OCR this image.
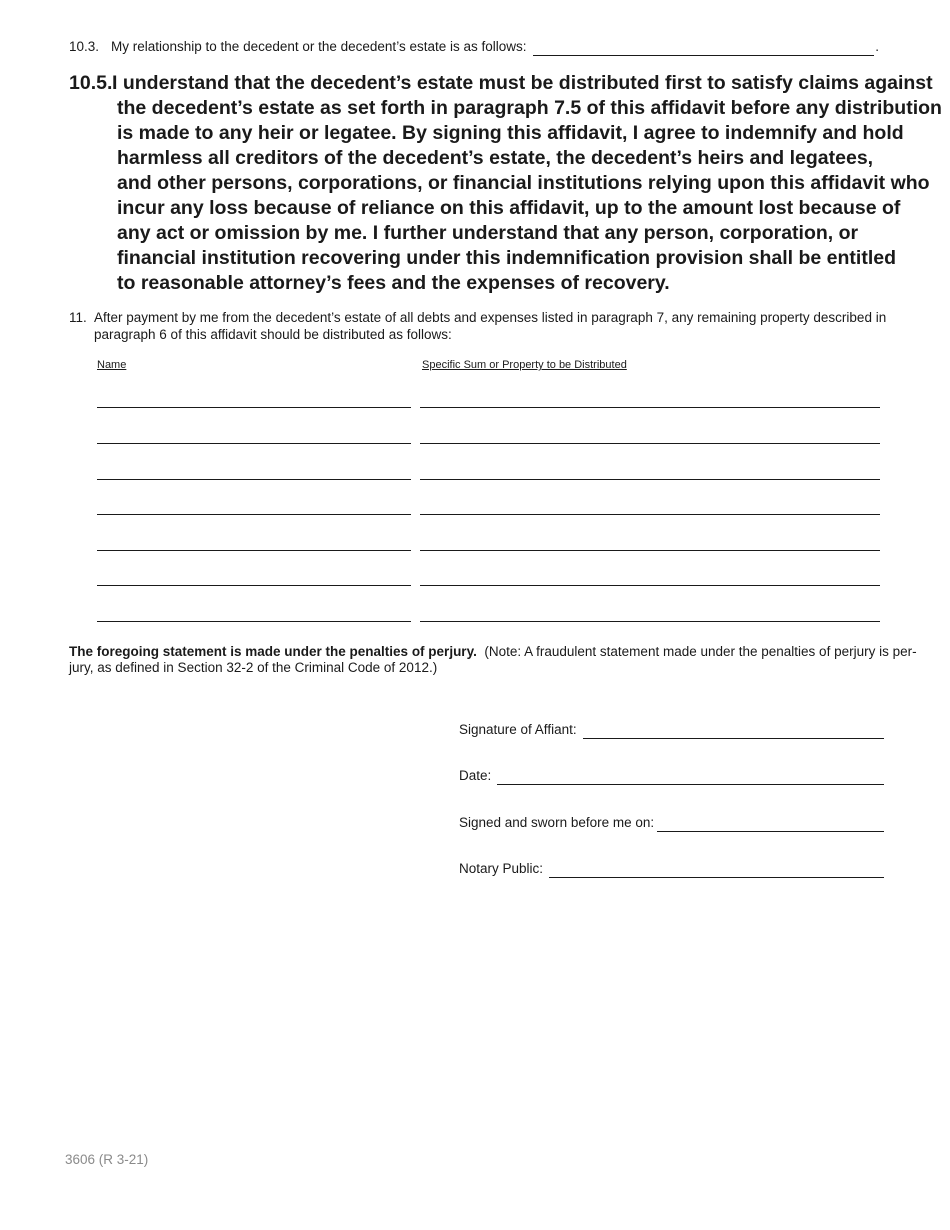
10.3. My relationship to the decedent or the decedent’s estate is as follows:	.
10.5. I understand that the decedent’s estate must be distributed first to satisfy claims against
the decedent’s estate as set forth in paragraph 7.5 of this affidavit before any distribution
is made to any heir or legatee. By signing this affidavit, I agree to indemnify and hold
harmless all creditors of the decedent’s estate, the decedent’s heirs and legatees,
and other persons, corporations, or financial institutions relying upon this affidavit who
incur any loss because of reliance on this affidavit, up to the amount lost because of
any act or omission by me. I further understand that any person, corporation, or
financial institution recovering under this indemnification provision shall be entitled
to reasonable attorney’s fees and the expenses of recovery.
11. After payment by me from the decedent’s estate of all debts and expenses listed in paragraph 7, any remaining property described in
paragraph 6 of this affidavit should be distributed as follows:
Name	Specific Sum or Property to be Distributed
The foregoing statement is made under the penalties of perjury. (Note: A fraudulent statement made under the penalties of perjury is per-
jury, as defined in Section 32-2 of the Criminal Code of 2012.)
Signature of Affiant:
Date:
Signed and sworn before me on:
Notary Public:
3606 (R 3-21)
